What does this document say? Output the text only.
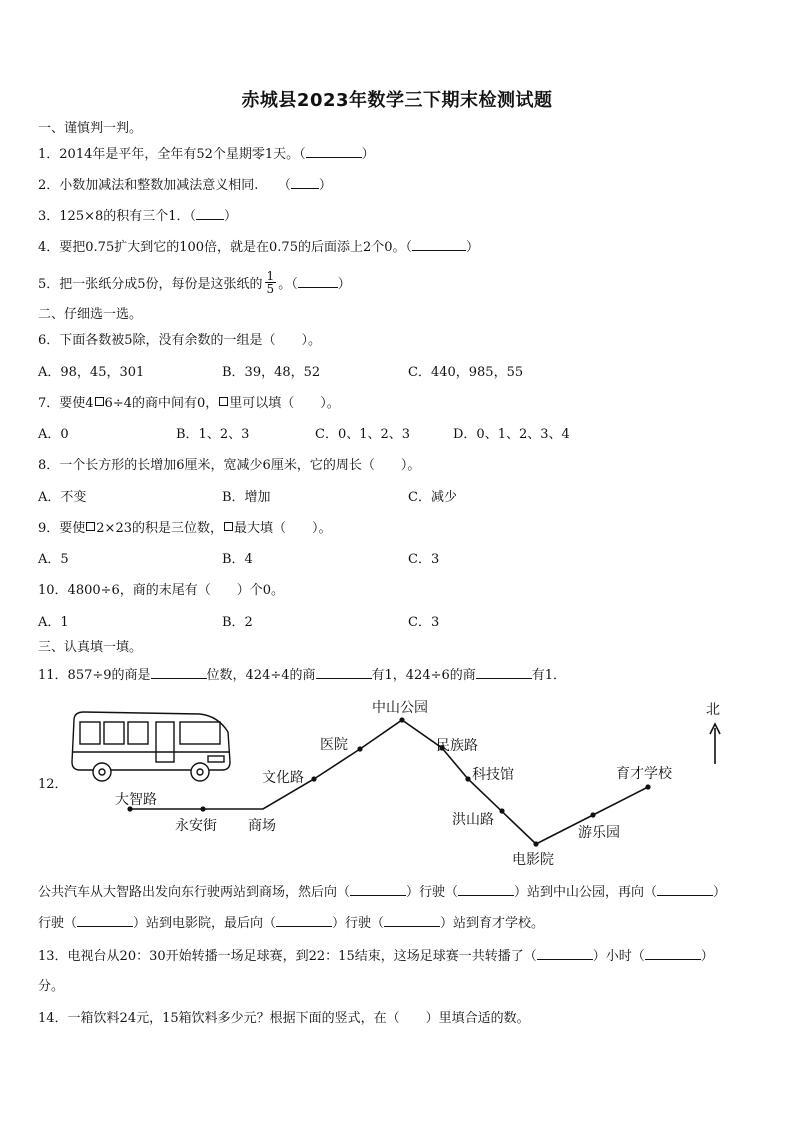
赤城县2023年数学三下期末检测试题
一、谨慎判一判。
1．2014年是平年，全年有52个星期零1天。（	）
2．小数加减法和整数加减法意义相同.　　（ ）
3．125×8的积有三个1．（ ）
4．要把0.75扩大到它的100倍，就是在0.75的后面添上2个0。（	）
5．把一张纸分成5份，每份是这张纸的 $\frac{1}{5}$ 。（	）
二、仔细选一选。
6．下面各数被5除，没有余数的一组是（　　）。
A．98，45，301	B．39，48，52	C．440，985，55
7．要使4 6÷4的商中间有0， 里可以填（　　）。
A．0	B．1、2、3	C．0、1、2、3	D．0、1、2、3、4
8．一个长方形的长增加6厘米，宽减少6厘米，它的周长（　　）。
A．不变	B．增加	C．减少
9．要使 2×23的积是三位数， 最大填（　　）。
A．5	B．4	C．3
10．4800÷6，商的末尾有（　　）个0。
A．1	B．2	C．3
三、认真填一填。
11．857÷9的商是	位数，424÷4的商	有1，424÷6的商	有1．
12．
大智路
永安街 商场
文化路
医院
中山公园
民族路
科技馆
洪山路
电影院
游乐园
育才学校
北
公共汽车从大智路出发向东行驶两站到商场，然后向（	）行驶（	）站到中山公园，再向（	）
行驶（	）站到电影院，最后向（	）行驶（	）站到育才学校。
13．电视台从20：30开始转播一场足球赛，到22：15结束，这场足球赛一共转播了（	）小时（	）
分。
14．一箱饮料24元，15箱饮料多少元？根据下面的竖式，在（　　）里填合适的数。
